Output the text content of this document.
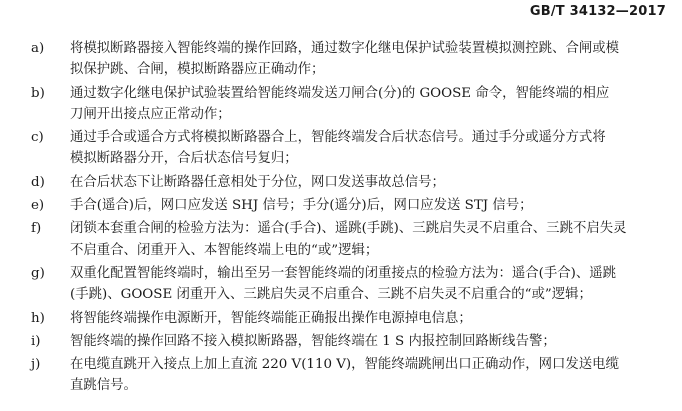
GB/T 34132—2017
a)	将模拟断路器接入智能终端的操作回路，通过数字化继电保护试验装置模拟测控跳、合闸或模
拟保护跳、合闸，模拟断路器应正确动作；
b)	通过数字化继电保护试验装置给智能终端发送刀闸合(分)的 GOOSE 命令，智能终端的相应
刀闸开出接点应正常动作；
c)	通过手合或遥合方式将模拟断路器合上，智能终端发合后状态信号。通过手分或遥分方式将
模拟断路器分开，合后状态信号复归；
d)	在合后状态下让断路器任意相处于分位，网口发送事故总信号；
e)	手合(遥合)后，网口应发送 SHJ 信号；手分(遥分)后，网口应发送 STJ 信号；
f)	闭锁本套重合闸的检验方法为：遥合(手合)、遥跳(手跳)、三跳启失灵不启重合、三跳不启失灵
不启重合、闭重开入、本智能终端上电的“或”逻辑；
g)	双重化配置智能终端时，输出至另一套智能终端的闭重接点的检验方法为：遥合(手合)、遥跳
(手跳)、GOOSE 闭重开入、三跳启失灵不启重合、三跳不启失灵不启重合的“或”逻辑；
h)	将智能终端操作电源断开，智能终端能正确报出操作电源掉电信息；
i)	智能终端的操作回路不接入模拟断路器，智能终端在 1 S 内报控制回路断线告警；
j)	在电缆直跳开入接点上加上直流 220 V(110 V)，智能终端跳闸出口正确动作，网口发送电缆
直跳信号。
